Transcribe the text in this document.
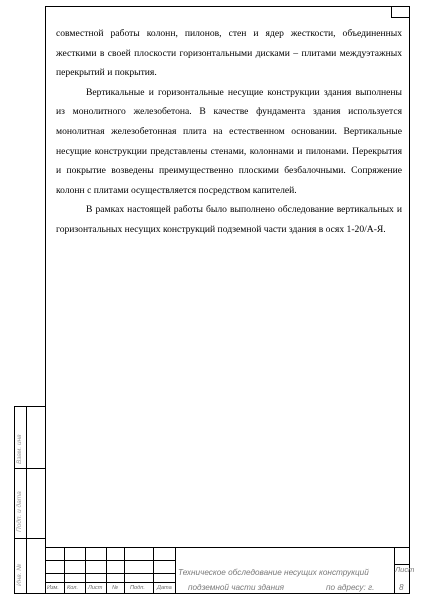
совместной работы колонн, пилонов, стен и ядер жесткости, объединенных жесткими в своей плоскости горизонтальными дисками – плитами междуэтажных перекрытий и покрытия.

Вертикальные и горизонтальные несущие конструкции здания выполнены из монолитного железобетона. В качестве фундамента здания используется монолитная железобетонная плита на естественном основании. Вертикальные несущие конструкции представлены стенами, колоннами и пилонами. Перекрытия и покрытие возведены преимущественно плоскими безбалочными. Сопряжение колонн с плитами осуществляется посредством капителей.

В рамках настоящей работы было выполнено обследование вертикальных и горизонтальных несущих конструкций подземной части здания в осях 1-20/А-Я.

Взам. инв
Подп. и дата
Инв. №
Изм. Кол. Лист № Подп. Дата
Техническое обследование несущих конструкций
подземной части здания	по адресу: г.
Лист
8
